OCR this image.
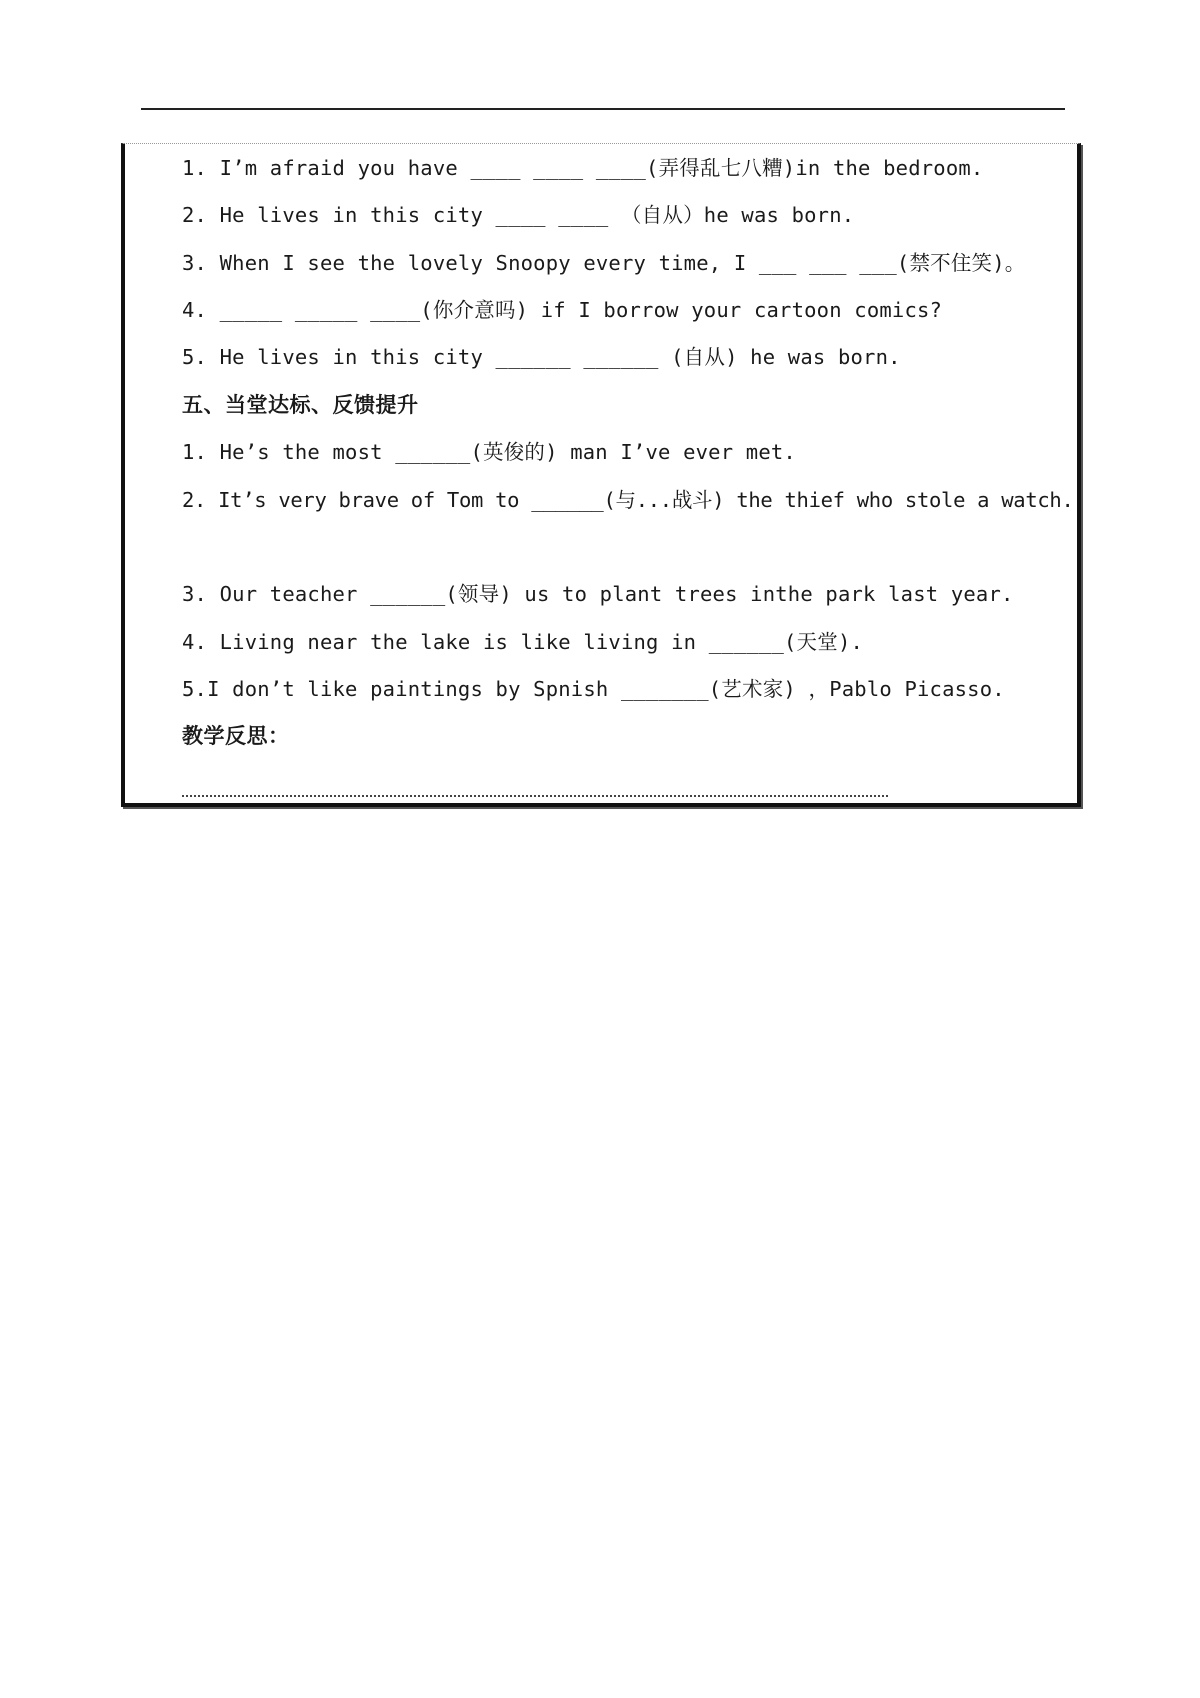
1. I’m afraid you have ____ ____ ____(弄得乱七八糟)in the bedroom.
2. He lives in this city ____ ____ （自从）he was born.
3. When I see the lovely Snoopy every time, I ___ ___ ___(禁不住笑)。
4. _____ _____ ____(你介意吗) if I borrow your cartoon comics?
5. He lives in this city ______ ______ (自从) he was born.
五、当堂达标、反馈提升
1. He’s the most ______(英俊的) man I’ve ever met.
2. It’s very brave of Tom to ______(与...战斗) the thief who stole a watch.
3. Our teacher ______(领导) us to plant trees inthe park last year.
4. Living near the lake is like living in ______(天堂).
5.I don’t like paintings by Spnish _______(艺术家) ，Pablo Picasso.
教学反思：
